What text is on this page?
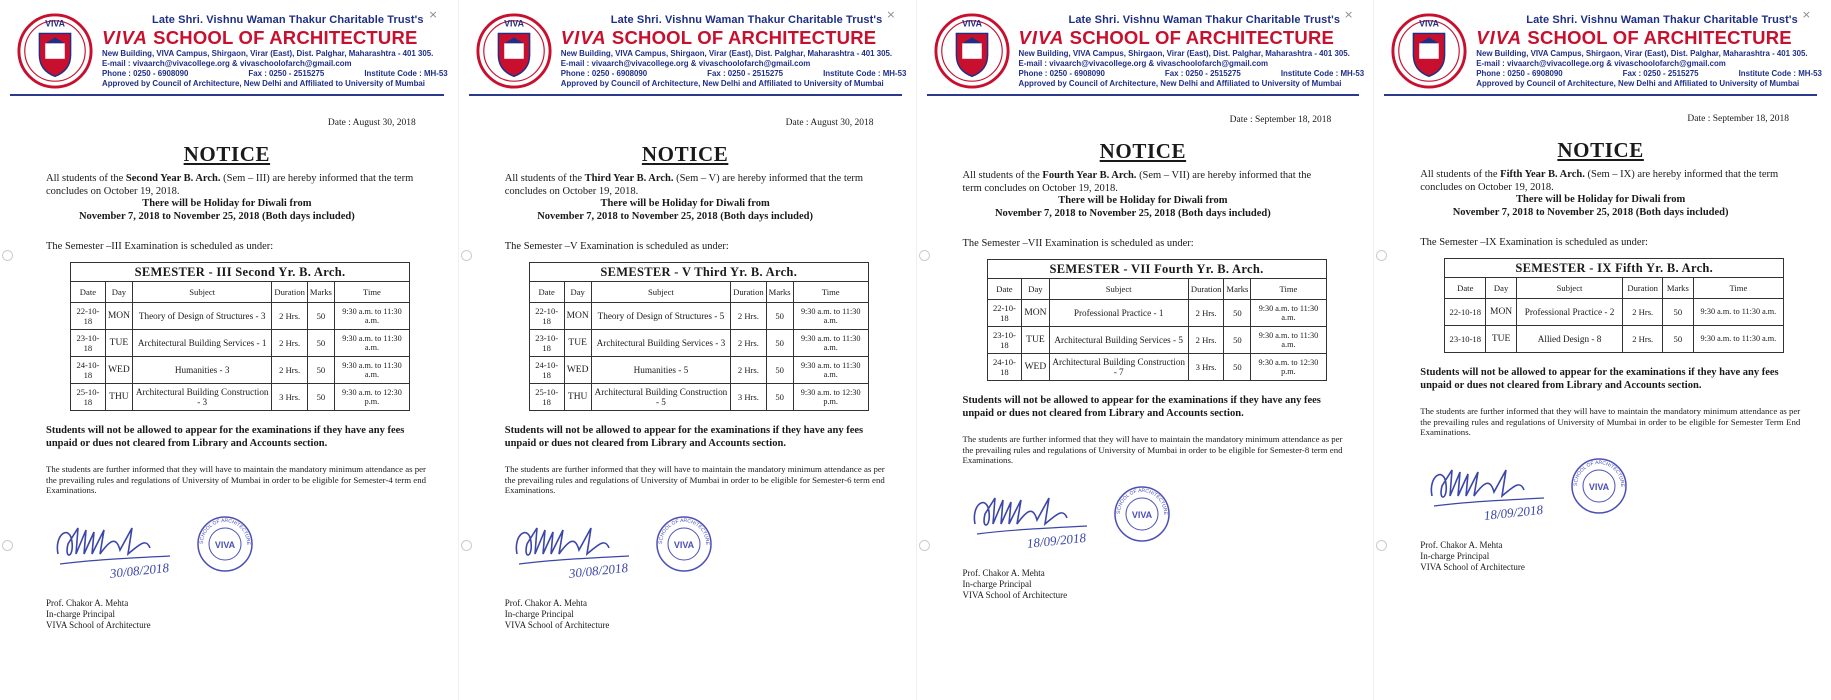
VIVA	Late Shri. Vishnu Waman Thakur Charitable Trust's
VIVA SCHOOL OF ARCHITECTURE
New Building, VIVA Campus, Shirgaon, Virar (East), Dist. Palghar, Maharashtra - 401 305.
E-mail : vivaarch@vivacollege.org & vivaschoolofarch@gmail.com
Phone : 0250 - 6908090	Fax : 0250 - 2515275	Institute Code : MH-53
Approved by Council of Architecture, New Delhi and Affiliated to University of Mumbai
×
Date : August 30, 2018
NOTICE
All students of the Second Year B. Arch. (Sem – III) are hereby informed that the term concludes on October 19, 2018.
There will be Holiday for Diwali from
November 7, 2018 to November 25, 2018 (Both days included)
The Semester –III Examination is scheduled as under:
SEMESTER - III Second Yr. B. Arch.					
Date	Day	Subject	Duration	Marks	Time
22-10-18	MON	Theory of Design of Structures - 3	2 Hrs.	50	9:30 a.m. to 11:30 a.m.
23-10-18	TUE	Architectural Building Services - 1	2 Hrs.	50	9:30 a.m. to 11:30 a.m.
24-10-18	WED	Humanities - 3	2 Hrs.	50	9:30 a.m. to 11:30 a.m.
25-10-18	THU	Architectural Building Construction - 3	3 Hrs.	50	9:30 a.m. to 12:30 p.m.
Students will not be allowed to appear for the examinations if they have any fees unpaid or dues not cleared from Library and Accounts section.
The students are further informed that they will have to maintain the mandatory minimum attendance as per the prevailing rules and regulations of University of Mumbai in order to be eligible for Semester-4 term end Examinations.
30/08/2018
VIVA
SCHOOL OF ARCHITECTURE
Prof. Chakor A. Mehta
In-charge Principal
VIVA School of Architecture
VIVA	Late Shri. Vishnu Waman Thakur Charitable Trust's
VIVA SCHOOL OF ARCHITECTURE
New Building, VIVA Campus, Shirgaon, Virar (East), Dist. Palghar, Maharashtra - 401 305.
E-mail : vivaarch@vivacollege.org & vivaschoolofarch@gmail.com
Phone : 0250 - 6908090	Fax : 0250 - 2515275	Institute Code : MH-53
Approved by Council of Architecture, New Delhi and Affiliated to University of Mumbai
×
Date : August 30, 2018
NOTICE
All students of the Third Year B. Arch. (Sem – V) are hereby informed that the term concludes on October 19, 2018.
There will be Holiday for Diwali from
November 7, 2018 to November 25, 2018 (Both days included)
The Semester –V Examination is scheduled as under:
SEMESTER - V Third Yr. B. Arch.					
Date	Day	Subject	Duration	Marks	Time
22-10-18	MON	Theory of Design of Structures - 5	2 Hrs.	50	9:30 a.m. to 11:30 a.m.
23-10-18	TUE	Architectural Building Services - 3	2 Hrs.	50	9:30 a.m. to 11:30 a.m.
24-10-18	WED	Humanities - 5	2 Hrs.	50	9:30 a.m. to 11:30 a.m.
25-10-18	THU	Architectural Building Construction - 5	3 Hrs.	50	9:30 a.m. to 12:30 p.m.
Students will not be allowed to appear for the examinations if they have any fees unpaid or dues not cleared from Library and Accounts section.
The students are further informed that they will have to maintain the mandatory minimum attendance as per the prevailing rules and regulations of University of Mumbai in order to be eligible for Semester-6 term end Examinations.
30/08/2018
VIVA
SCHOOL OF ARCHITECTURE
Prof. Chakor A. Mehta
In-charge Principal
VIVA School of Architecture
VIVA	Late Shri. Vishnu Waman Thakur Charitable Trust's
VIVA SCHOOL OF ARCHITECTURE
New Building, VIVA Campus, Shirgaon, Virar (East), Dist. Palghar, Maharashtra - 401 305.
E-mail : vivaarch@vivacollege.org & vivaschoolofarch@gmail.com
Phone : 0250 - 6908090	Fax : 0250 - 2515275	Institute Code : MH-53
Approved by Council of Architecture, New Delhi and Affiliated to University of Mumbai
×
Date : September 18, 2018
NOTICE
All students of the Fourth Year B. Arch. (Sem – VII) are hereby informed that the term concludes on October 19, 2018.
There will be Holiday for Diwali from
November 7, 2018 to November 25, 2018 (Both days included)
The Semester –VII Examination is scheduled as under:
SEMESTER - VII Fourth Yr. B. Arch.					
Date	Day	Subject	Duration	Marks	Time
22-10-18	MON	Professional Practice - 1	2 Hrs.	50	9:30 a.m. to 11:30 a.m.
23-10-18	TUE	Architectural Building Services - 5	2 Hrs.	50	9:30 a.m. to 11:30 a.m.
24-10-18	WED	Architectural Building Construction - 7	3 Hrs.	50	9:30 a.m. to 12:30 p.m.
Students will not be allowed to appear for the examinations if they have any fees unpaid or dues not cleared from Library and Accounts section.
The students are further informed that they will have to maintain the mandatory minimum attendance as per the prevailing rules and regulations of University of Mumbai in order to be eligible for Semester-8 term end Examinations.
18/09/2018
VIVA
SCHOOL OF ARCHITECTURE
Prof. Chakor A. Mehta
In-charge Principal
VIVA School of Architecture
VIVA	Late Shri. Vishnu Waman Thakur Charitable Trust's
VIVA SCHOOL OF ARCHITECTURE
New Building, VIVA Campus, Shirgaon, Virar (East), Dist. Palghar, Maharashtra - 401 305.
E-mail : vivaarch@vivacollege.org & vivaschoolofarch@gmail.com
Phone : 0250 - 6908090	Fax : 0250 - 2515275	Institute Code : MH-53
Approved by Council of Architecture, New Delhi and Affiliated to University of Mumbai
×
Date : September 18, 2018
NOTICE
All students of the Fifth Year B. Arch. (Sem – IX) are hereby informed that the term concludes on October 19, 2018.
There will be Holiday for Diwali from
November 7, 2018 to November 25, 2018 (Both days included)
The Semester –IX Examination is scheduled as under:
SEMESTER - IX Fifth Yr. B. Arch.					
Date	Day	Subject	Duration	Marks	Time
22-10-18	MON	Professional Practice - 2	2 Hrs.	50	9:30 a.m. to 11:30 a.m.
23-10-18	TUE	Allied Design - 8	2 Hrs.	50	9:30 a.m. to 11:30 a.m.
Students will not be allowed to appear for the examinations if they have any fees unpaid or dues not cleared from Library and Accounts section.
The students are further informed that they will have to maintain the mandatory minimum attendance as per the prevailing rules and regulations of University of Mumbai in order to be eligible for Semester Term End Examinations.
18/09/2018
VIVA
SCHOOL OF ARCHITECTURE
Prof. Chakor A. Mehta
In-charge Principal
VIVA School of Architecture
